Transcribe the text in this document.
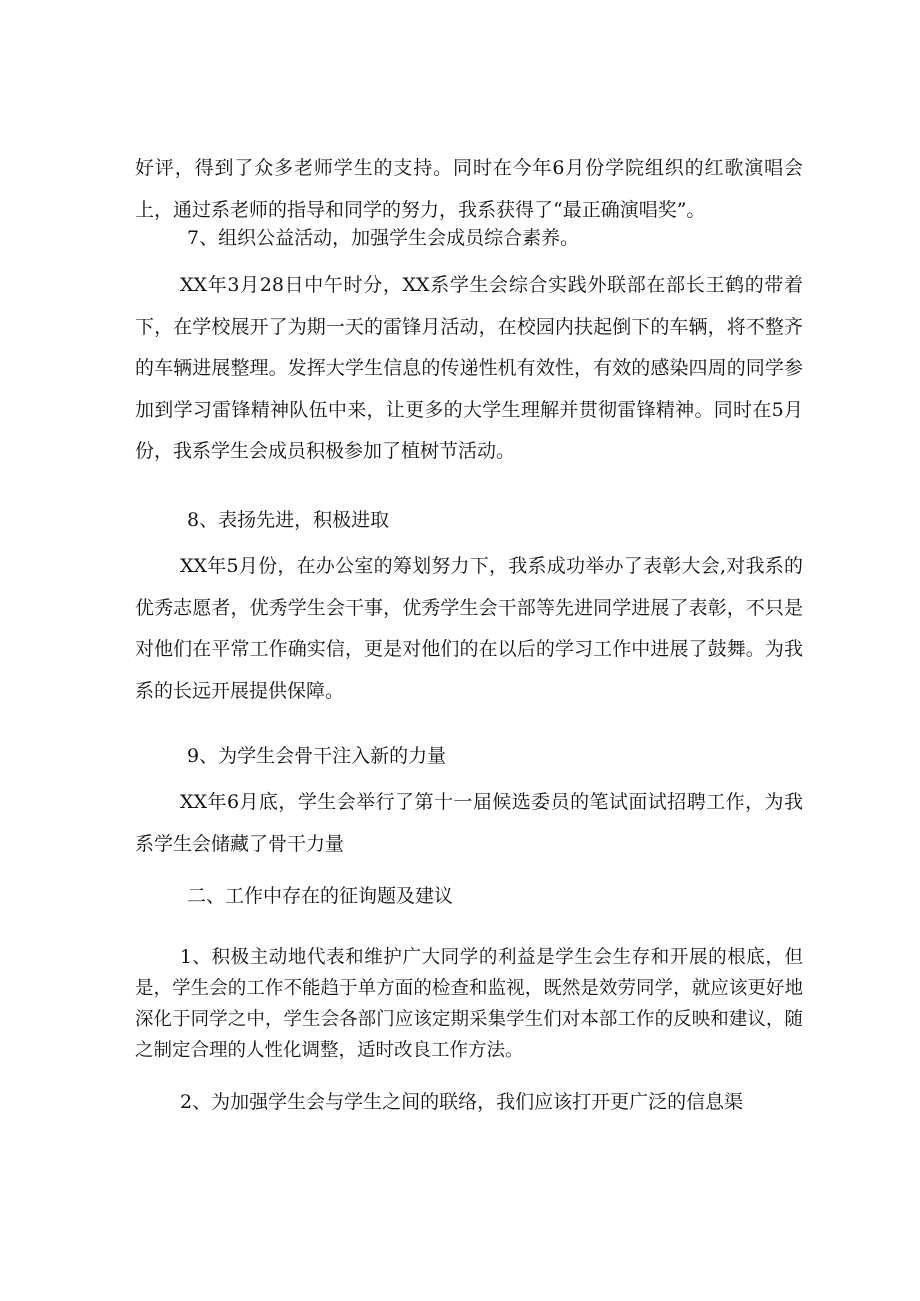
好评，得到了众多老师学生的支持。同时在今年6月份学院组织的红歌演唱会上，通过系老师的指导和同学的努力，我系获得了“最正确演唱奖”。

7、组织公益活动，加强学生会成员综合素养。

XX年3月28日中午时分，XX系学生会综合实践外联部在部长王鹤的带着下，在学校展开了为期一天的雷锋月活动，在校园内扶起倒下的车辆，将不整齐的车辆进展整理。发挥大学生信息的传递性机有效性，有效的感染四周的同学参加到学习雷锋精神队伍中来，让更多的大学生理解并贯彻雷锋精神。同时在5月份，我系学生会成员积极参加了植树节活动。

8、表扬先进，积极进取

XX年5月份，在办公室的筹划努力下，我系成功举办了表彰大会,对我系的优秀志愿者，优秀学生会干事，优秀学生会干部等先进同学进展了表彰，不只是对他们在平常工作确实信，更是对他们的在以后的学习工作中进展了鼓舞。为我系的长远开展提供保障。

9、为学生会骨干注入新的力量

XX年6月底，学生会举行了第十一届候选委员的笔试面试招聘工作，为我系学生会储藏了骨干力量

二、工作中存在的征询题及建议

1、积极主动地代表和维护广大同学的利益是学生会生存和开展的根底，但是，学生会的工作不能趋于单方面的检查和监视，既然是效劳同学，就应该更好地深化于同学之中，学生会各部门应该定期采集学生们对本部工作的反映和建议，随之制定合理的人性化调整，适时改良工作方法。

2、为加强学生会与学生之间的联络，我们应该打开更广泛的信息渠
